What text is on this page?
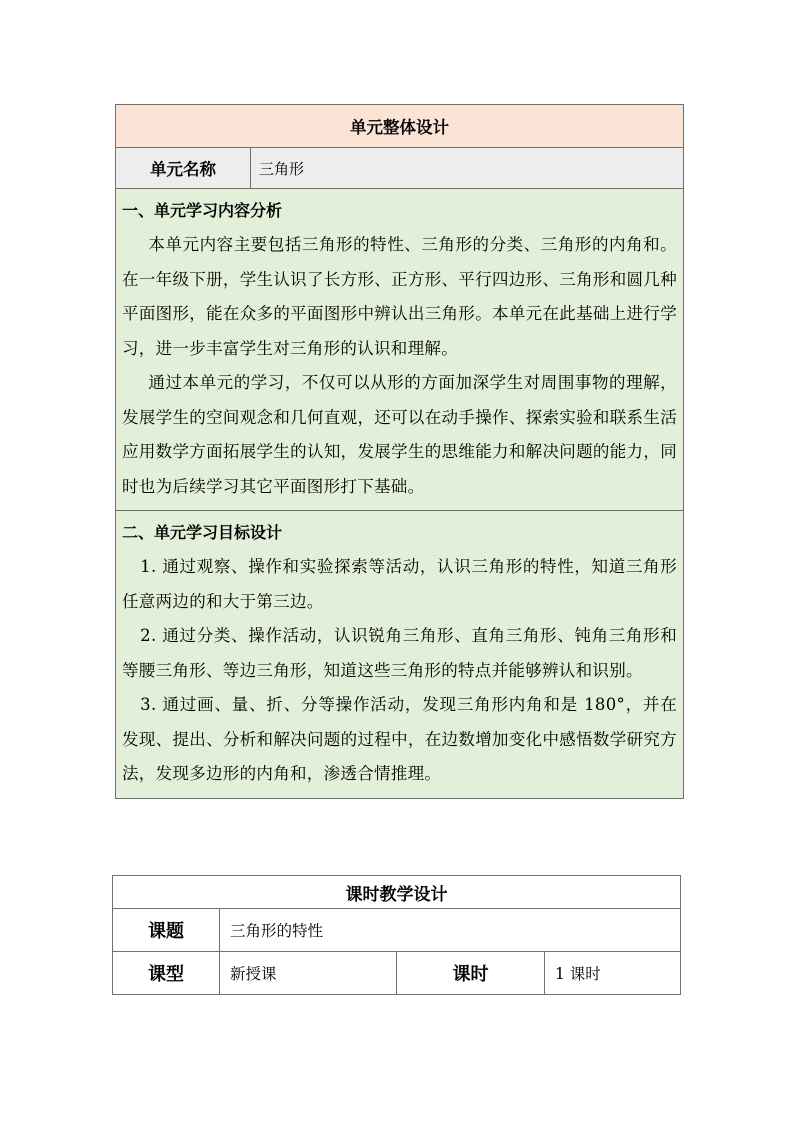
单元整体设计
单元名称	三角形

一、单元学习内容分析

本单元内容主要包括三角形的特性、三角形的分类、三角形的内角和。在一年级下册，学生认识了长方形、正方形、平行四边形、三角形和圆几种平面图形，能在众多的平面图形中辨认出三角形。本单元在此基础上进行学习，进一步丰富学生对三角形的认识和理解。

通过本单元的学习，不仅可以从形的方面加深学生对周围事物的理解，发展学生的空间观念和几何直观，还可以在动手操作、探索实验和联系生活应用数学方面拓展学生的认知，发展学生的思维能力和解决问题的能力，同时也为后续学习其它平面图形打下基础。

二、单元学习目标设计

1. 通过观察、操作和实验探索等活动，认识三角形的特性，知道三角形任意两边的和大于第三边。

2. 通过分类、操作活动，认识锐角三角形、直角三角形、钝角三角形和等腰三角形、等边三角形，知道这些三角形的特点并能够辨认和识别。

3. 通过画、量、折、分等操作活动，发现三角形内角和是 180°，并在发现、提出、分析和解决问题的过程中，在边数增加变化中感悟数学研究方法，发现多边形的内角和，渗透合情推理。

课时教学设计			
课题	三角形的特性		
课型	新授课	课时	1 课时
